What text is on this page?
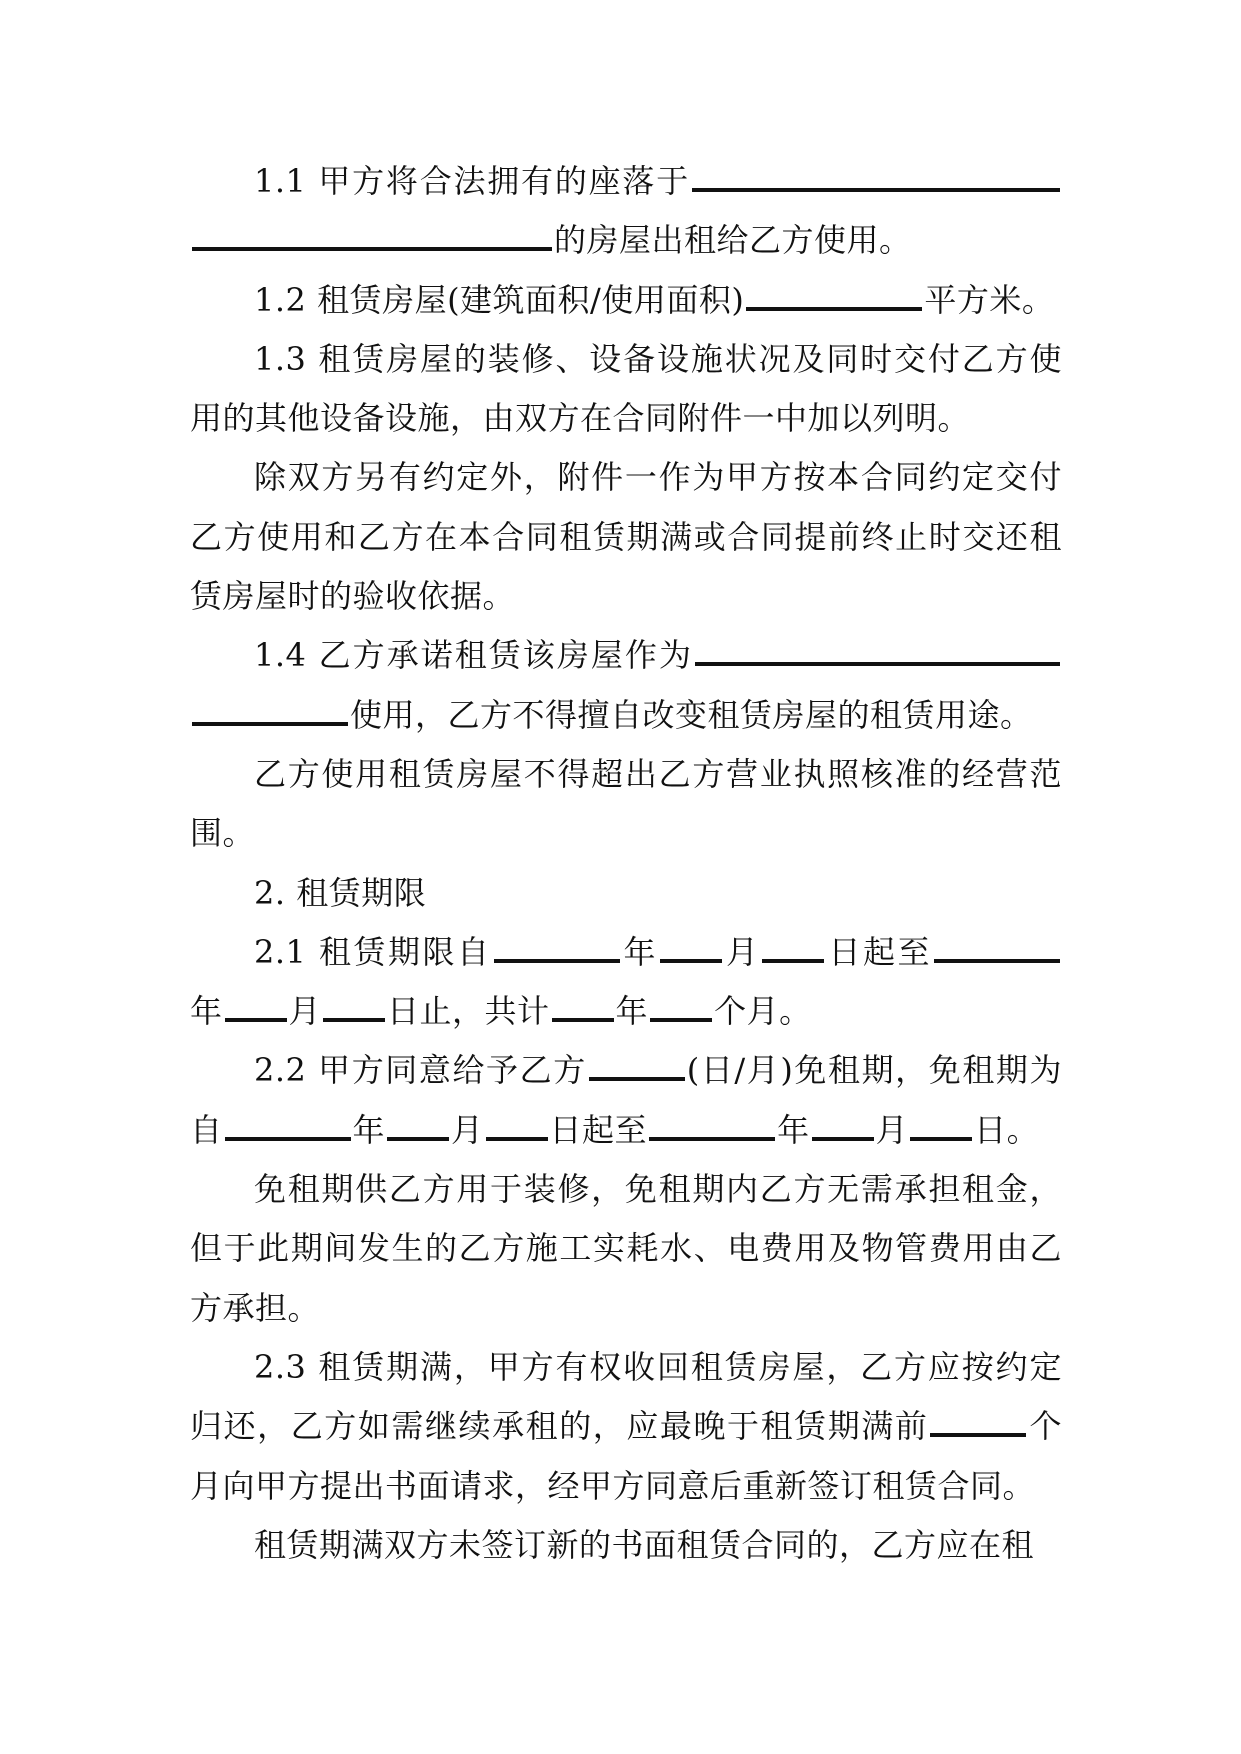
1.1 甲方将合法拥有的座落于的房屋出租给乙方使用。

1.2 租赁房屋(建筑面积/使用面积)	平方米。

1.3 租赁房屋的装修、设备设施状况及同时交付乙方使用的其他设备设施，由双方在合同附件一中加以列明。

除双方另有约定外，附件一作为甲方按本合同约定交付乙方使用和乙方在本合同租赁期满或合同提前终止时交还租赁房屋时的验收依据。

1.4 乙方承诺租赁该房屋作为使用，乙方不得擅自改变租赁房屋的租赁用途。

乙方使用租赁房屋不得超出乙方营业执照核准的经营范围。

2. 租赁期限

2.1 租赁期限自	年 月 日起至年 月 日止，共计 年 个月。

2.2 甲方同意给予乙方	(日/月)免租期，免租期为自	年 月 日起至	年 月 日。

免租期供乙方用于装修，免租期内乙方无需承担租金，但于此期间发生的乙方施工实耗水、电费用及物管费用由乙方承担。

2.3 租赁期满，甲方有权收回租赁房屋，乙方应按约定归还，乙方如需继续承租的，应最晚于租赁期满前	个月向甲方提出书面请求，经甲方同意后重新签订租赁合同。

租赁期满双方未签订新的书面租赁合同的，乙方应在租
